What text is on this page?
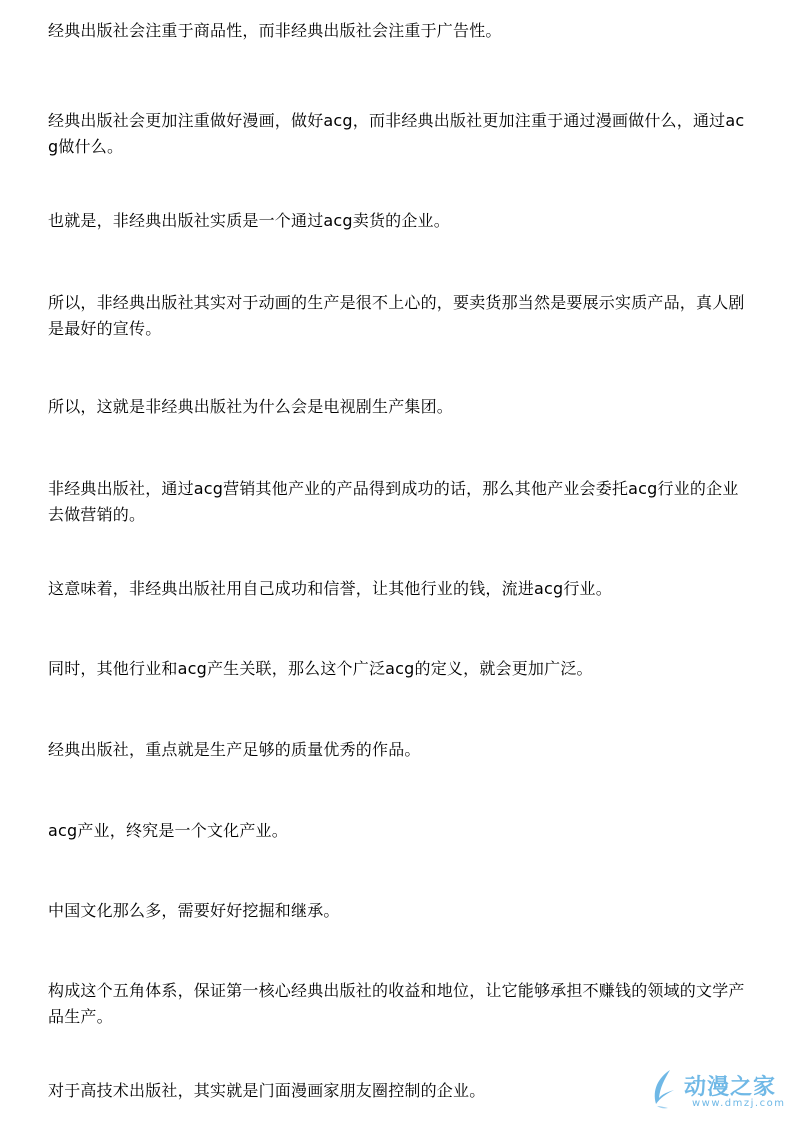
经典出版社会注重于商品性，而非经典出版社会注重于广告性。

经典出版社会更加注重做好漫画，做好acg，而非经典出版社更加注重于通过漫画做什么，通过acg做什么。

也就是，非经典出版社实质是一个通过acg卖货的企业。

所以，非经典出版社其实对于动画的生产是很不上心的，要卖货那当然是要展示实质产品，真人剧是最好的宣传。

所以，这就是非经典出版社为什么会是电视剧生产集团。

非经典出版社，通过acg营销其他产业的产品得到成功的话，那么其他产业会委托acg行业的企业去做营销的。

这意味着，非经典出版社用自己成功和信誉，让其他行业的钱，流进acg行业。

同时，其他行业和acg产生关联，那么这个广泛acg的定义，就会更加广泛。

经典出版社，重点就是生产足够的质量优秀的作品。

acg产业，终究是一个文化产业。

中国文化那么多，需要好好挖掘和继承。

构成这个五角体系，保证第一核心经典出版社的收益和地位，让它能够承担不赚钱的领域的文学产品生产。

对于高技术出版社，其实就是门面漫画家朋友圈控制的企业。	动漫之家
www.dmzj.com
